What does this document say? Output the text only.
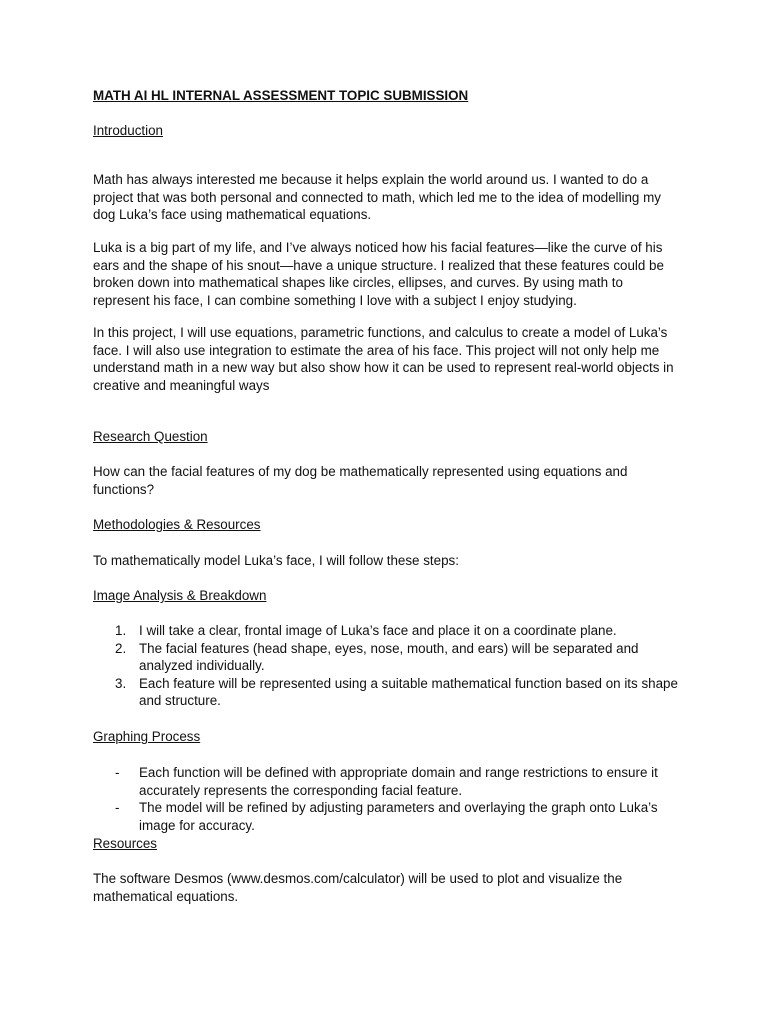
MATH AI HL INTERNAL ASSESSMENT TOPIC SUBMISSION

Introduction

Math has always interested me because it helps explain the world around us. I wanted to do a project that was both personal and connected to math, which led me to the idea of modelling my dog Luka’s face using mathematical equations.

Luka is a big part of my life, and I’ve always noticed how his facial features—like the curve of his ears and the shape of his snout—have a unique structure. I realized that these features could be broken down into mathematical shapes like circles, ellipses, and curves. By using math to represent his face, I can combine something I love with a subject I enjoy studying.

In this project, I will use equations, parametric functions, and calculus to create a model of Luka’s face. I will also use integration to estimate the area of his face. This project will not only help me understand math in a new way but also show how it can be used to represent real-world objects in creative and meaningful ways

Research Question

How can the facial features of my dog be mathematically represented using equations and functions?

Methodologies & Resources

To mathematically model Luka’s face, I will follow these steps:

Image Analysis & Breakdown

1. I will take a clear, frontal image of Luka’s face and place it on a coordinate plane.
2. The facial features (head shape, eyes, nose, mouth, and ears) will be separated and analyzed individually.
3. Each feature will be represented using a suitable mathematical function based on its shape and structure.

Graphing Process

- Each function will be defined with appropriate domain and range restrictions to ensure it accurately represents the corresponding facial feature.
- The model will be refined by adjusting parameters and overlaying the graph onto Luka’s image for accuracy.

Resources

The software Desmos (www.desmos.com/calculator) will be used to plot and visualize the mathematical equations.
